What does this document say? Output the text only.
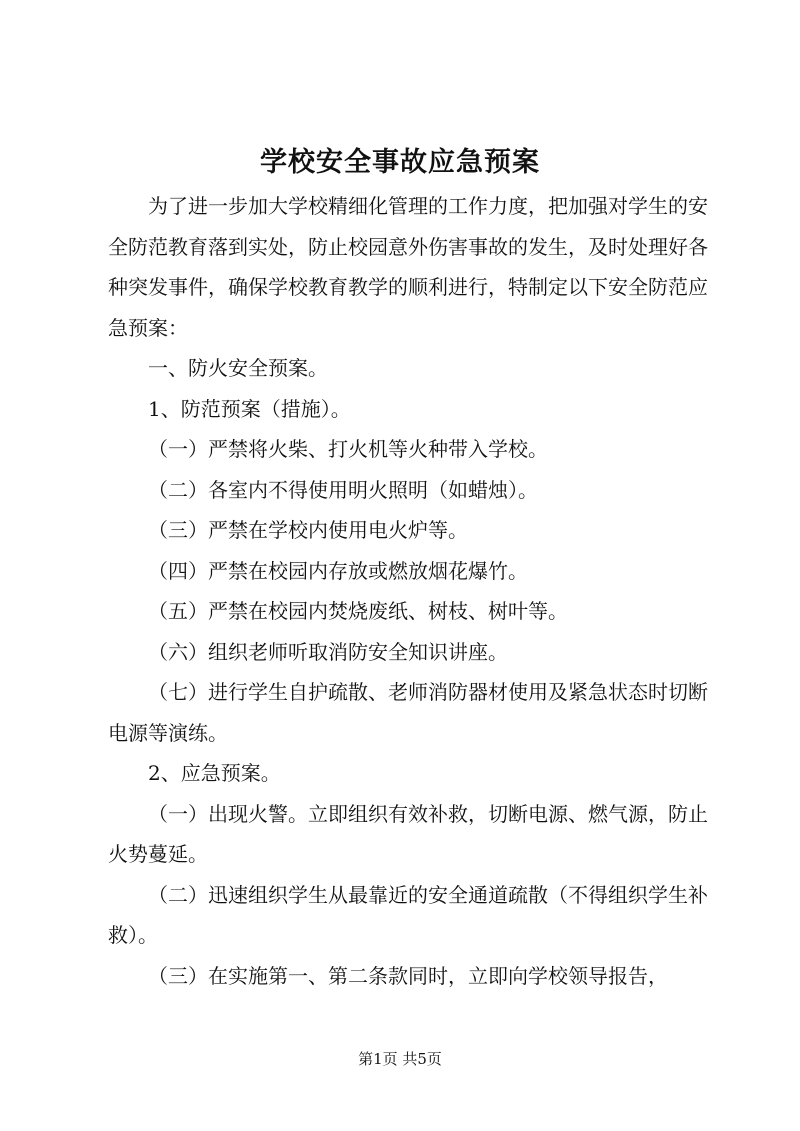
学校安全事故应急预案

为了进一步加大学校精细化管理的工作力度，把加强对学生的安全防范教育落到实处，防止校园意外伤害事故的发生，及时处理好各种突发事件，确保学校教育教学的顺利进行，特制定以下安全防范应急预案：

一、防火安全预案。

1、防范预案（措施）。

（一）严禁将火柴、打火机等火种带入学校。

（二）各室内不得使用明火照明（如蜡烛）。

（三）严禁在学校内使用电火炉等。

（四）严禁在校园内存放或燃放烟花爆竹。

（五）严禁在校园内焚烧废纸、树枝、树叶等。

（六）组织老师听取消防安全知识讲座。

（七）进行学生自护疏散、老师消防器材使用及紧急状态时切断电源等演练。

2、应急预案。

（一）出现火警。立即组织有效补救，切断电源、燃气源，防止火势蔓延。

（二）迅速组织学生从最靠近的安全通道疏散（不得组织学生补救）。

（三）在实施第一、第二条款同时，立即向学校领导报告，

第1页 共5页
